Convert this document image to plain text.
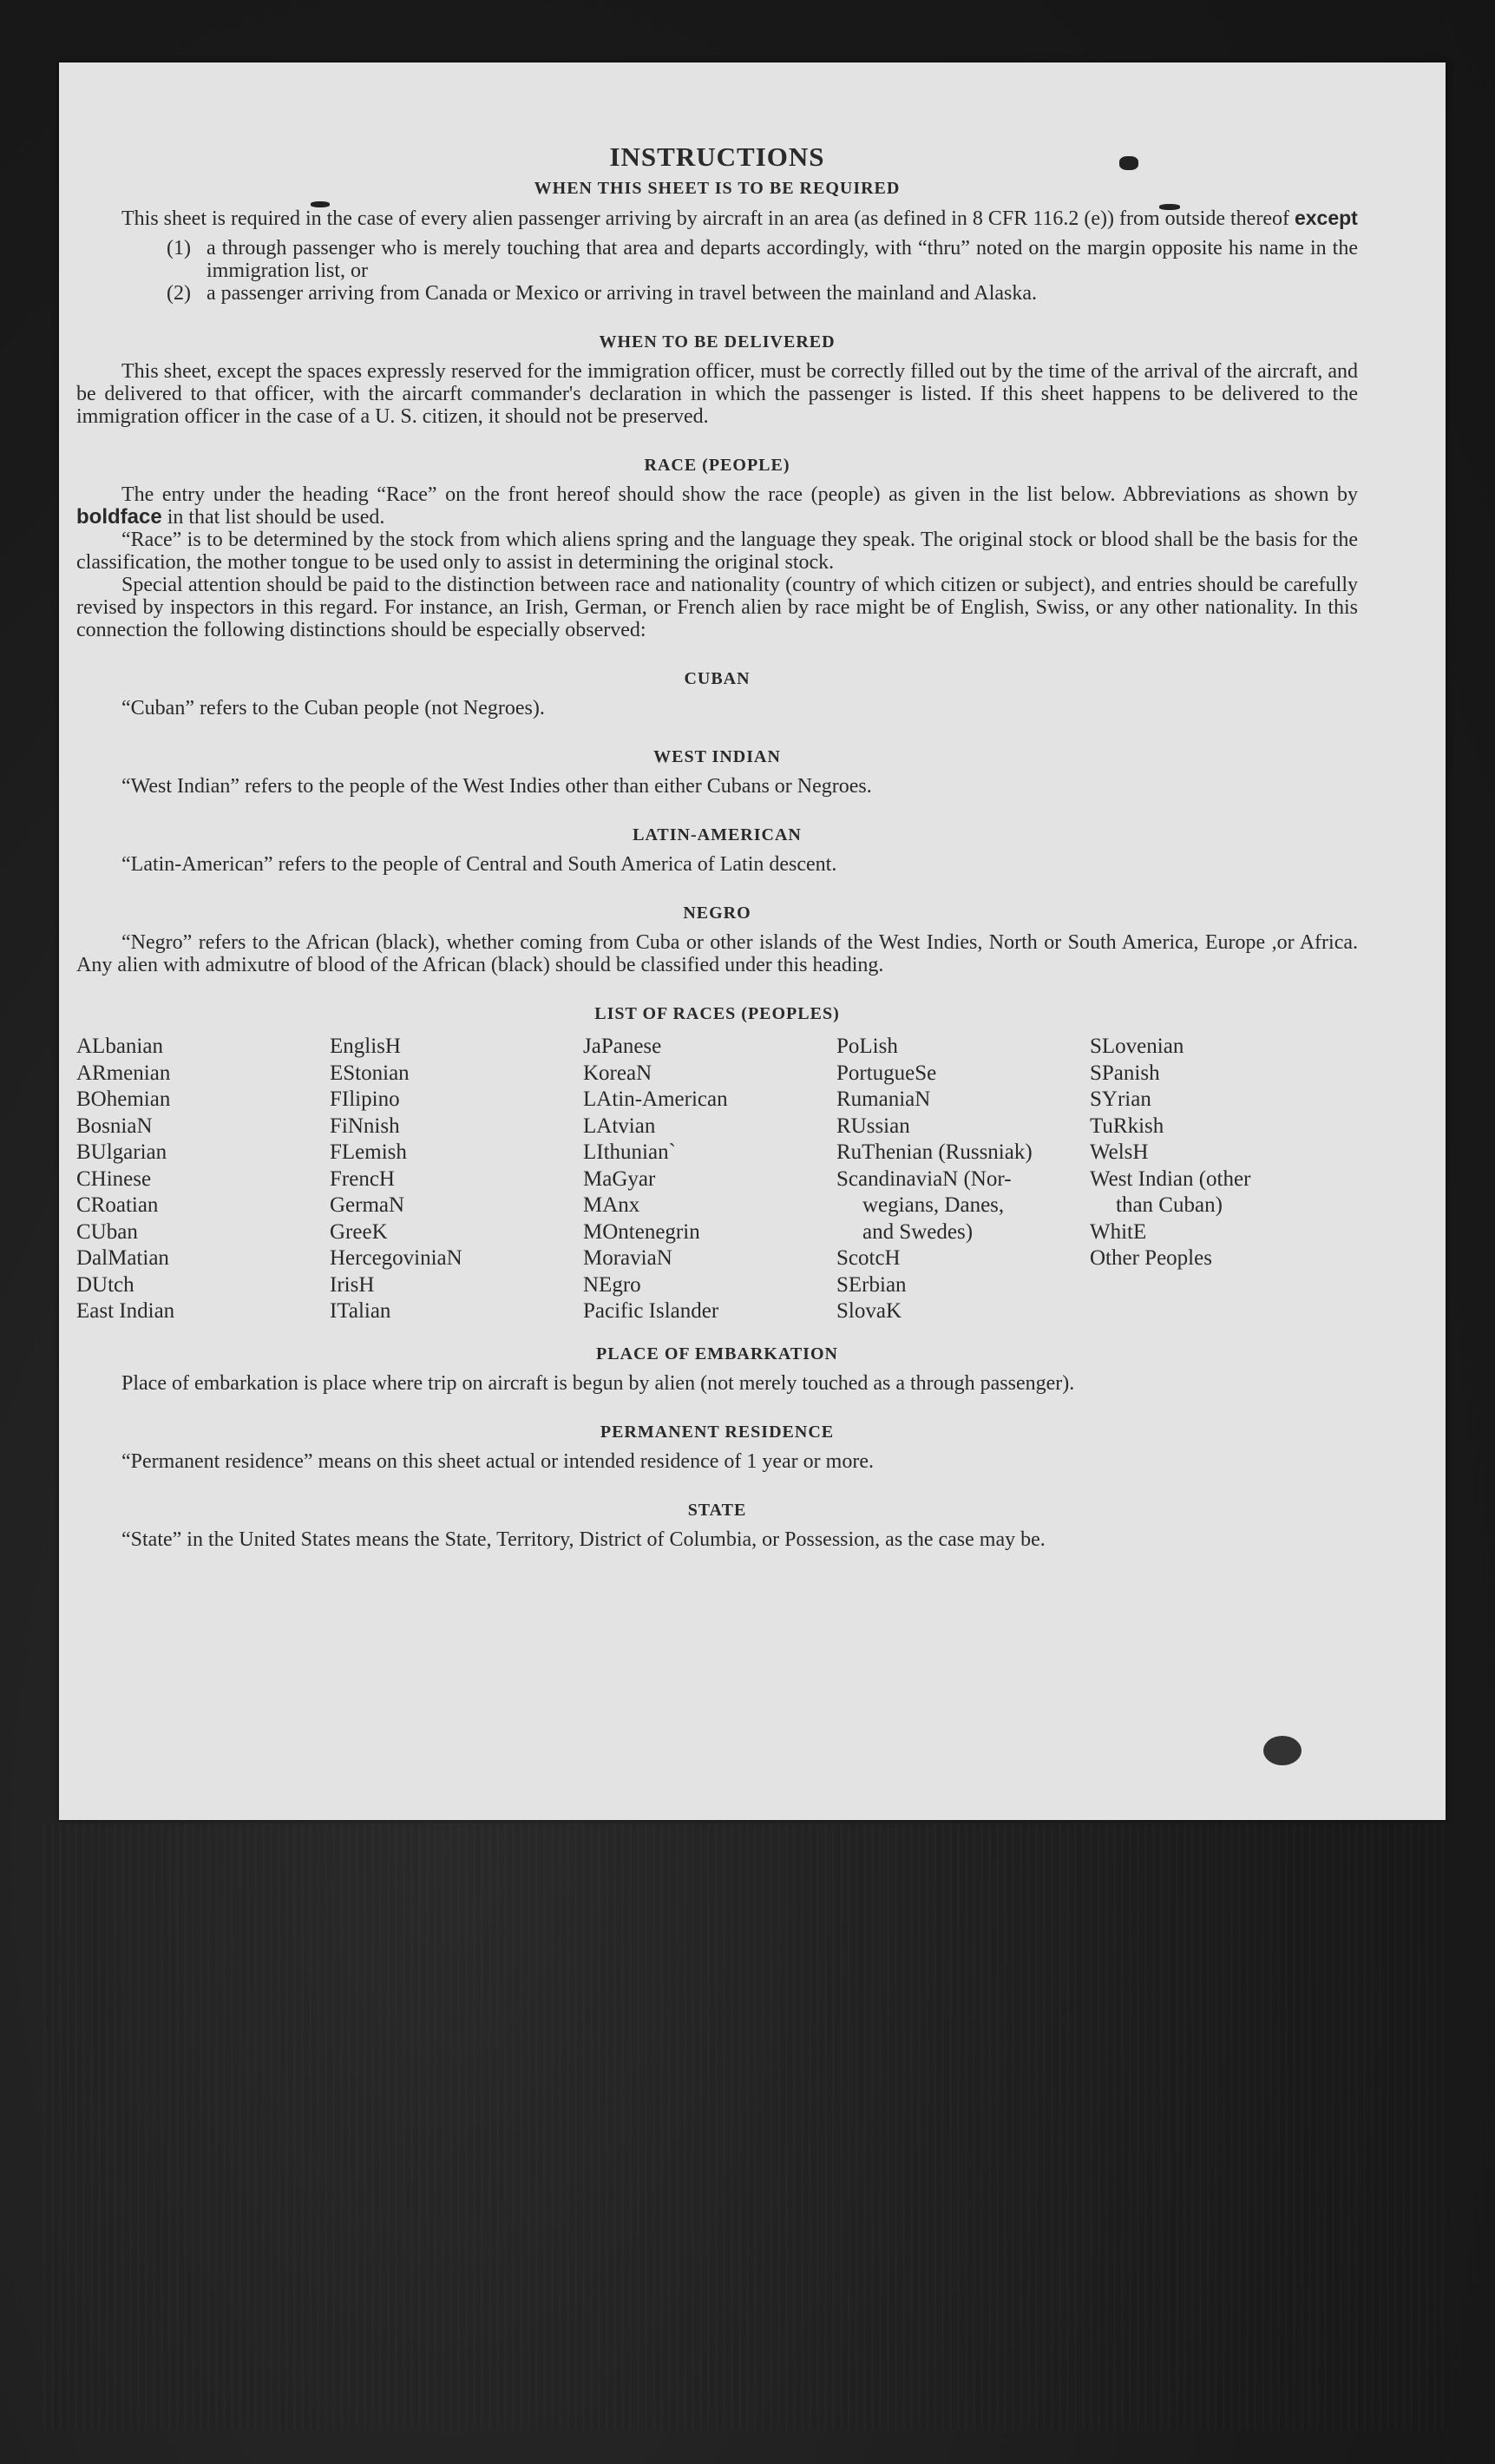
INSTRUCTIONS
WHEN THIS SHEET IS TO BE REQUIRED

This sheet is required in the case of every alien passenger arriving by aircraft in an area (as defined in 8 CFR 116.2 (e)) from outside thereof except

(1) a through passenger who is merely touching that area and departs accordingly, with “thru” noted on the margin opposite his name in the immigration list, or
(2) a passenger arriving from Canada or Mexico or arriving in travel between the mainland and Alaska.
WHEN TO BE DELIVERED

This sheet, except the spaces expressly reserved for the immigration officer, must be correctly filled out by the time of the arrival of the aircraft, and be delivered to that officer, with the aircarft commander's declaration in which the passenger is listed. If this sheet happens to be delivered to the immigration officer in the case of a U. S. citizen, it should not be preserved.

RACE (PEOPLE)

The entry under the heading “Race” on the front hereof should show the race (people) as given in the list below. Abbreviations as shown by boldface in that list should be used.

“Race” is to be determined by the stock from which aliens spring and the language they speak. The original stock or blood shall be the basis for the classification, the mother tongue to be used only to assist in determining the original stock.

Special attention should be paid to the distinction between race and nationality (country of which citizen or subject), and entries should be carefully revised by inspectors in this regard. For instance, an Irish, German, or French alien by race might be of English, Swiss, or any other nationality. In this connection the following distinctions should be especially observed:

CUBAN

“Cuban” refers to the Cuban people (not Negroes).

WEST INDIAN

“West Indian” refers to the people of the West Indies other than either Cubans or Negroes.

LATIN-AMERICAN

“Latin-American” refers to the people of Central and South America of Latin descent.

NEGRO

“Negro” refers to the African (black), whether coming from Cuba or other islands of the West Indies, North or South America, Europe ,or Africa. Any alien with admixutre of blood of the African (black) should be classified under this heading.

LIST OF RACES (PEOPLES)
ALbanian
ARmenian
BOhemian
BosniaN
BUlgarian
CHinese
CRoatian
CUban
DalMatian
DUtch
East Indian
EnglisH
EStonian
FIlipino
FiNnish
FLemish
FrencH
GermaN
GreeK
HercegoviniaN
IrisH
ITalian
JaPanese
KoreaN
LAtin-American
LAtvian
LIthunian`
MaGyar
MAnx
MOntenegrin
MoraviaN
NEgro
Pacific Islander
PoLish
PortugueSe
RumaniaN
RUssian
RuThenian (Russniak)
ScandinaviaN (Nor-
wegians, Danes,
and Swedes)
ScotcH
SErbian
SlovaK
SLovenian
SPanish
SYrian
TuRkish
WelsH
West Indian (other
than Cuban)
WhitE
Other Peoples
PLACE OF EMBARKATION

Place of embarkation is place where trip on aircraft is begun by alien (not merely touched as a through passenger).

PERMANENT RESIDENCE

“Permanent residence” means on this sheet actual or intended residence of 1 year or more.

STATE

“State” in the United States means the State, Territory, District of Columbia, or Possession, as the case may be.
